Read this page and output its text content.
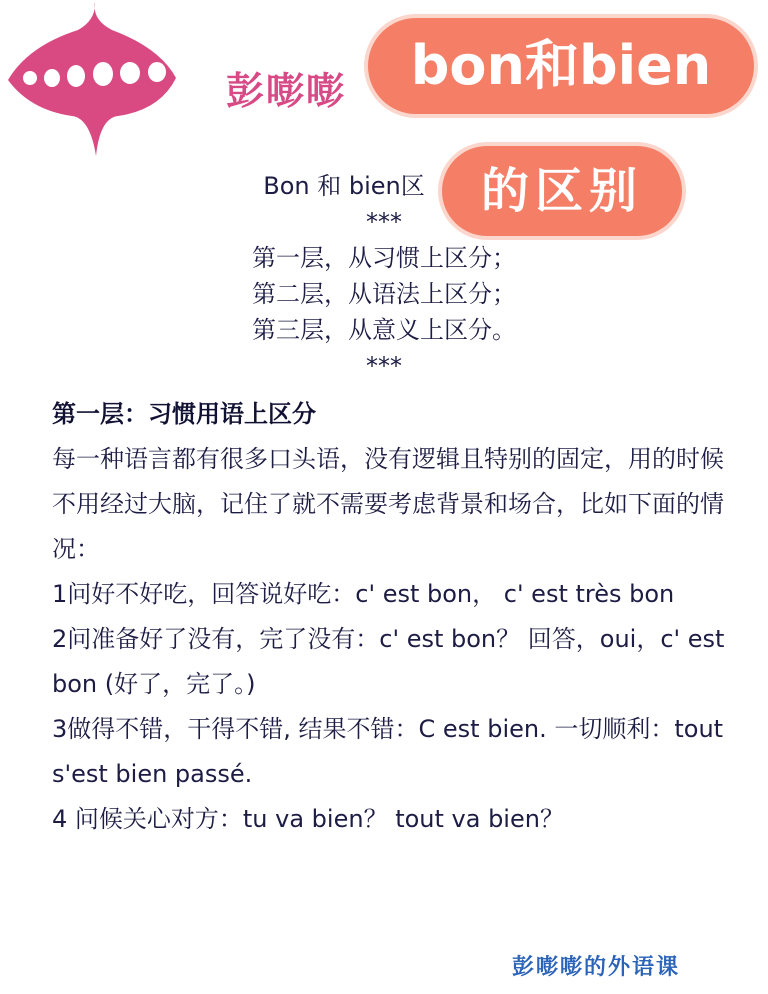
彭嘭嘭	bon和bien
的区别
Bon 和 bien区
***
第一层，从习惯上区分；
第二层，从语法上区分；
第三层，从意义上区分。
***

第一层：习惯用语上区分

每一种语言都有很多口头语，没有逻辑且特别的固定，用的时候不用经过大脑，记住了就不需要考虑背景和场合，比如下面的情况：

1问好不好吃，回答说好吃：c' est bon， c' est très bon

2问准备好了没有，完了没有：c' est bon？ 回答，oui，c' est bon (好了，完了。)

3做得不错，干得不错, 结果不错：C est bien. 一切顺利：tout s'est bien passé.

4 问候关心对方：tu va bien？ tout va bien？

彭嘭嘭的外语课
